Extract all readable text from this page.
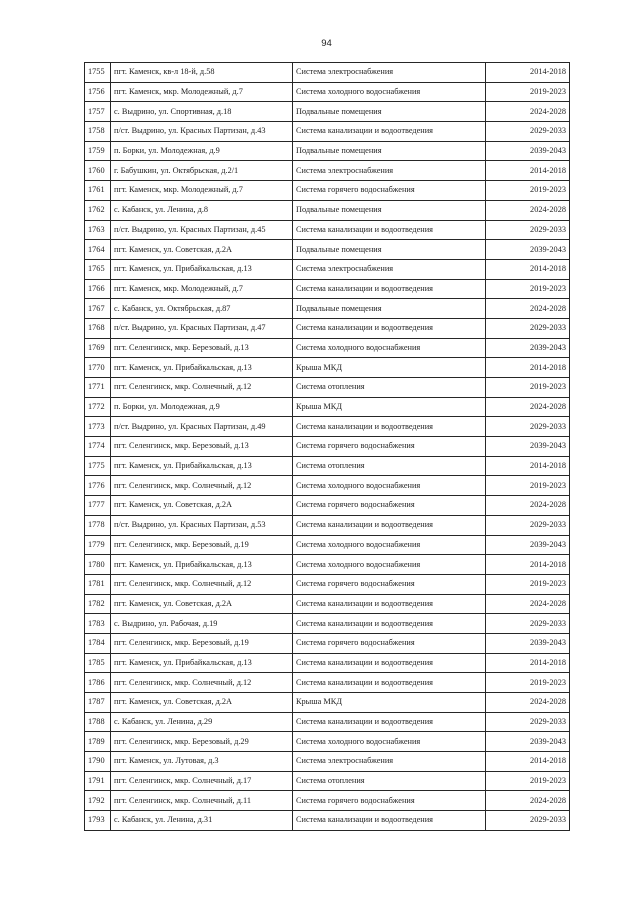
94
1755	пгт. Каменск, кв-л 18-й, д.58	Система электроснабжения	2014-2018
1756	пгт. Каменск, мкр. Молодежный, д.7	Система холодного водоснабжения	2019-2023
1757	с. Выдрино, ул. Спортивная, д.18	Подвальные помещения	2024-2028
1758	п/ст. Выдрино, ул. Красных Партизан, д.43	Система канализации и водоотведения	2029-2033
1759	п. Борки, ул. Молодежная, д.9	Подвальные помещения	2039-2043
1760	г. Бабушкин, ул. Октябрьская, д.2/1	Система электроснабжения	2014-2018
1761	пгт. Каменск, мкр. Молодежный, д.7	Система горячего водоснабжения	2019-2023
1762	с. Кабанск, ул. Ленина, д.8	Подвальные помещения	2024-2028
1763	п/ст. Выдрино, ул. Красных Партизан, д.45	Система канализации и водоотведения	2029-2033
1764	пгт. Каменск, ул. Советская, д.2А	Подвальные помещения	2039-2043
1765	пгт. Каменск, ул. Прибайкальская, д.13	Система электроснабжения	2014-2018
1766	пгт. Каменск, мкр. Молодежный, д.7	Система канализации и водоотведения	2019-2023
1767	с. Кабанск, ул. Октябрьская, д.87	Подвальные помещения	2024-2028
1768	п/ст. Выдрино, ул. Красных Партизан, д.47	Система канализации и водоотведения	2029-2033
1769	пгт. Селенгинск, мкр. Березовый, д.13	Система холодного водоснабжения	2039-2043
1770	пгт. Каменск, ул. Прибайкальская, д.13	Крыша МКД	2014-2018
1771	пгт. Селенгинск, мкр. Солнечный, д.12	Система отопления	2019-2023
1772	п. Борки, ул. Молодежная, д.9	Крыша МКД	2024-2028
1773	п/ст. Выдрино, ул. Красных Партизан, д.49	Система канализации и водоотведения	2029-2033
1774	пгт. Селенгинск, мкр. Березовый, д.13	Система горячего водоснабжения	2039-2043
1775	пгт. Каменск, ул. Прибайкальская, д.13	Система отопления	2014-2018
1776	пгт. Селенгинск, мкр. Солнечный, д.12	Система холодного водоснабжения	2019-2023
1777	пгт. Каменск, ул. Советская, д.2А	Система горячего водоснабжения	2024-2028
1778	п/ст. Выдрино, ул. Красных Партизан, д.53	Система канализации и водоотведения	2029-2033
1779	пгт. Селенгинск, мкр. Березовый, д.19	Система холодного водоснабжения	2039-2043
1780	пгт. Каменск, ул. Прибайкальская, д.13	Система холодного водоснабжения	2014-2018
1781	пгт. Селенгинск, мкр. Солнечный, д.12	Система горячего водоснабжения	2019-2023
1782	пгт. Каменск, ул. Советская, д.2А	Система канализации и водоотведения	2024-2028
1783	с. Выдрино, ул. Рабочая, д.19	Система канализации и водоотведения	2029-2033
1784	пгт. Селенгинск, мкр. Березовый, д.19	Система горячего водоснабжения	2039-2043
1785	пгт. Каменск, ул. Прибайкальская, д.13	Система канализации и водоотведения	2014-2018
1786	пгт. Селенгинск, мкр. Солнечный, д.12	Система канализации и водоотведения	2019-2023
1787	пгт. Каменск, ул. Советская, д.2А	Крыша МКД	2024-2028
1788	с. Кабанск, ул. Ленина, д.29	Система канализации и водоотведения	2029-2033
1789	пгт. Селенгинск, мкр. Березовый, д.29	Система холодного водоснабжения	2039-2043
1790	пгт. Каменск, ул. Лутовая, д.3	Система электроснабжения	2014-2018
1791	пгт. Селенгинск, мкр. Солнечный, д.17	Система отопления	2019-2023
1792	пгт. Селенгинск, мкр. Солнечный, д.11	Система горячего водоснабжения	2024-2028
1793	с. Кабанск, ул. Ленина, д.31	Система канализации и водоотведения	2029-2033
